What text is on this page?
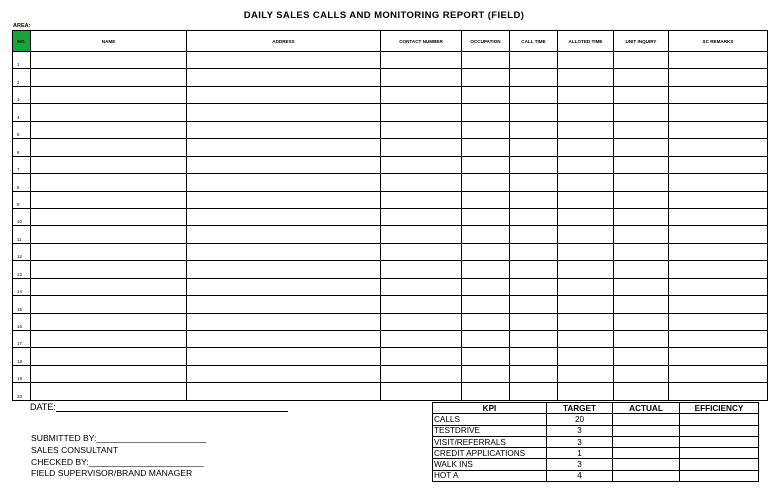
DAILY SALES CALLS AND MONITORING REPORT (FIELD)
AREA:
NO.	NAME	ADDRESS	CONTACT NUMBER	OCCUPATION	CALL TIME	ALLOTED TIME	UNIT INQUIRY	SC REMARKS
1								
2								
3								
4								
5								
6								
7								
8								
9								
10								
11								
12								
13								
14								
15								
16								
17								
18								
19								
20								
DATE:
SUBMITTED BY:_______________________
SALES CONSULTANT
CHECKED BY:________________________
FIELD SUPERVISOR/BRAND MANAGER
KPI	TARGET	ACTUAL	EFFICIENCY
CALLS	20		
TESTDRIVE	3		
VISIT/REFERRALS	3		
CREDIT APPLICATIONS	1		
WALK INS	3		
HOT A	4		
